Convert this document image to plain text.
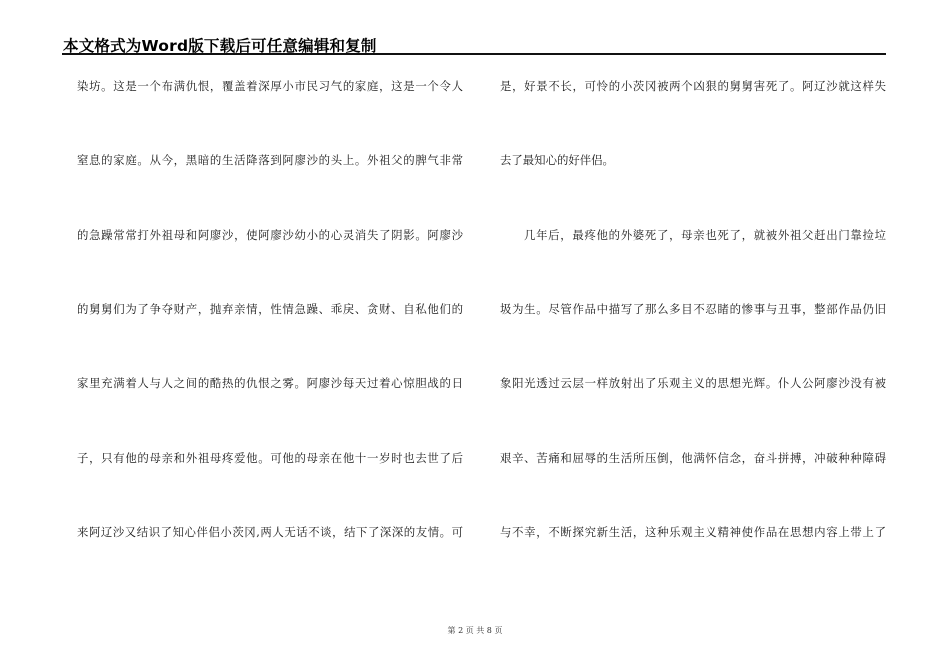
本文格式为Word版下载后可任意编辑和复制
染坊。这是一个布满仇恨，覆盖着深厚小市民习气的家庭，这是一个令人
窒息的家庭。从今，黑暗的生活降落到阿廖沙的头上。外祖父的脾气非常
的急躁常常打外祖母和阿廖沙，使阿廖沙幼小的心灵消失了阴影。阿廖沙
的舅舅们为了争夺财产，抛弃亲情，性情急躁、乖戾、贪财、自私他们的
家里充满着人与人之间的酷热的仇恨之雾。阿廖沙每天过着心惊胆战的日
子，只有他的母亲和外祖母疼爱他。可他的母亲在他十一岁时也去世了后
来阿辽沙又结识了知心伴侣小茨冈,两人无话不谈，结下了深深的友情。可
是，好景不长，可怜的小茨冈被两个凶狠的舅舅害死了。阿辽沙就这样失
去了最知心的好伴侣。
几年后，最疼他的外婆死了，母亲也死了，就被外祖父赶出门靠捡垃
圾为生。尽管作品中描写了那么多目不忍睹的惨事与丑事，整部作品仍旧
象阳光透过云层一样放射出了乐观主义的思想光辉。仆人公阿廖沙没有被
艰辛、苦痛和屈辱的生活所压倒，他满怀信念，奋斗拼搏，冲破种种障碍
与不幸，不断探究新生活，这种乐观主义精神使作品在思想内容上带上了
第 2 页 共 8 页
